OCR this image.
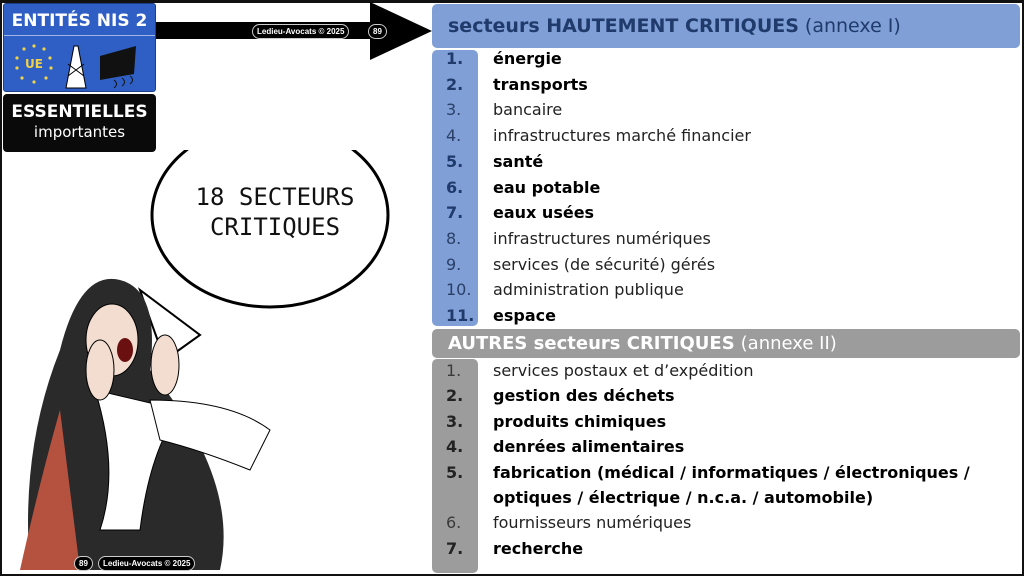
ENTITÉS NIS 2
UE
ESSENTIELLES
importantes
Ledieu-Avocats © 2025	89
18 SECTEURS
CRITIQUES
89	Ledieu-Avocats © 2025
secteurs HAUTEMENT CRITIQUES (annexe I)
1.	énergie
2.	transports
3.	bancaire
4.	infrastructures marché financier
5.	santé
6.	eau potable
7.	eaux usées
8.	infrastructures numériques
9.	services (de sécurité) gérés
10.	administration publique
11.	espace
AUTRES secteurs CRITIQUES (annexe II)
1.	services postaux et d’expédition
2.	gestion des déchets
3.	produits chimiques
4.	denrées alimentaires
5.	fabrication (médical / informatiques / électroniques /
optiques / électrique / n.c.a. / automobile)
6.	fournisseurs numériques
7.	recherche
